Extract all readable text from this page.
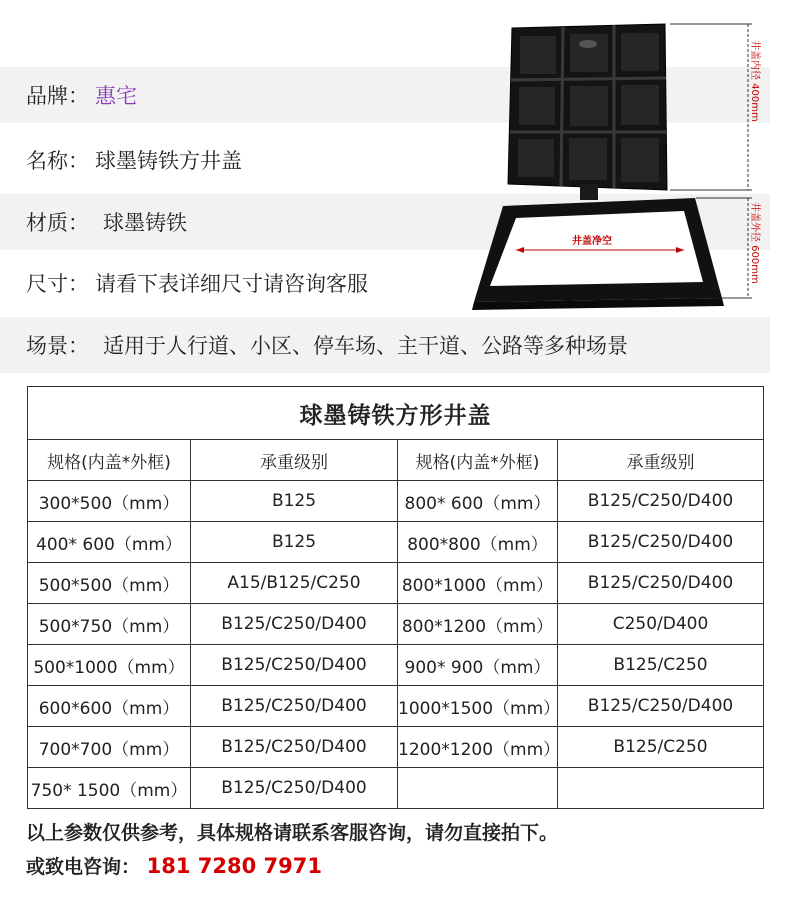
品牌： 惠宅
名称： 球墨铸铁方井盖
材质： 球墨铸铁
尺寸： 请看下表详细尺寸请咨询客服
场景： 适用于人行道、小区、停车场、主干道、公路等多种场景
井盖净空
井盖内径 400mm
井盖外径 600mm
球墨铸铁方形井盖			
规格(内盖*外框)	承重级别	规格(内盖*外框)	承重级别
300*500（mm）	B125	800* 600（mm）	B125/C250/D400
400* 600（mm）	B125	800*800（mm）	B125/C250/D400
500*500（mm）	A15/B125/C250	800*1000（mm）	B125/C250/D400
500*750（mm）	B125/C250/D400	800*1200（mm）	C250/D400
500*1000（mm）	B125/C250/D400	900* 900（mm）	B125/C250
600*600（mm）	B125/C250/D400	1000*1500（mm）	B125/C250/D400
700*700（mm）	B125/C250/D400	1200*1200（mm）	B125/C250
750* 1500（mm）	B125/C250/D400		
以上参数仅供参考，具体规格请联系客服咨询，请勿直接拍下。
或致电咨询： 181 7280 7971
